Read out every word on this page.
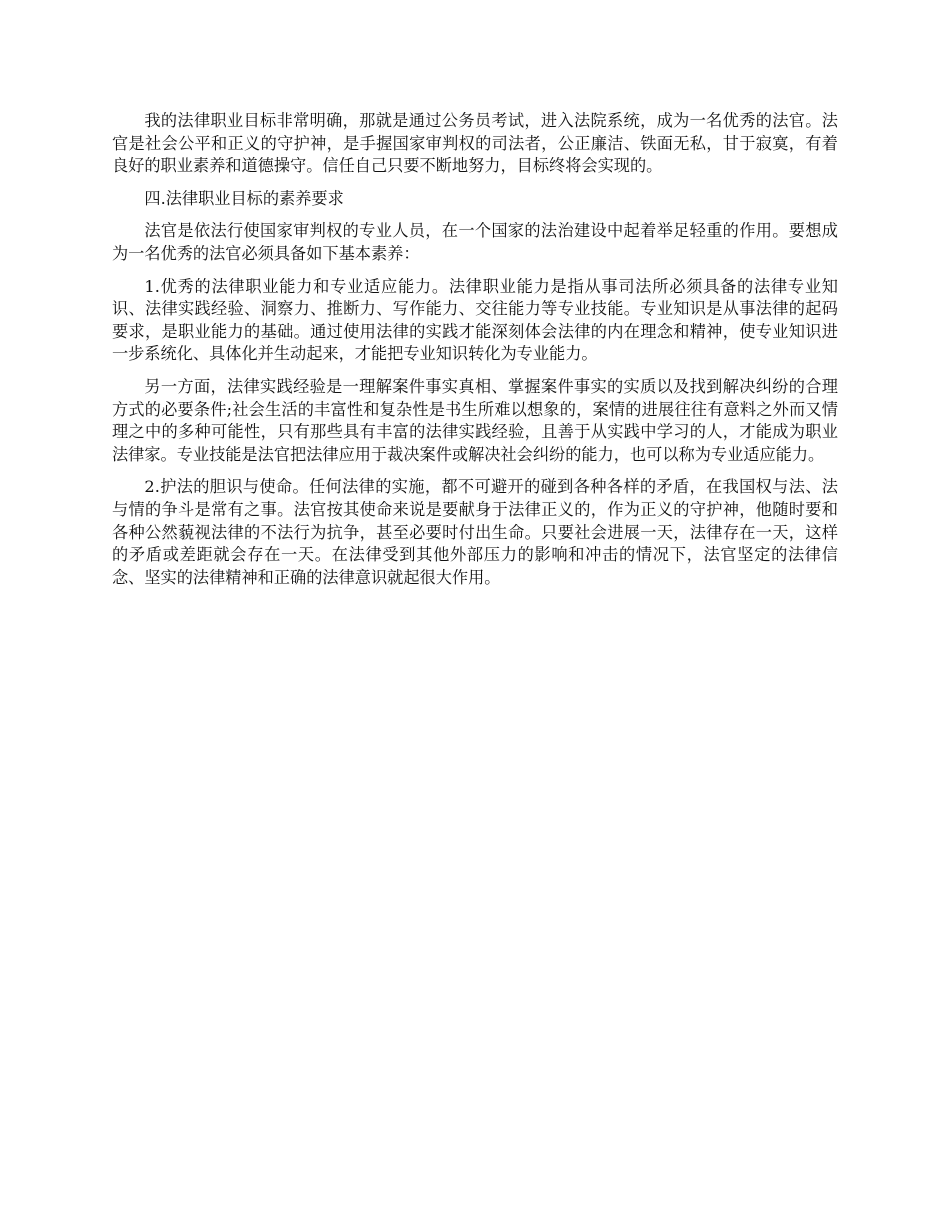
我的法律职业目标非常明确，那就是通过公务员考试，进入法院系统，成为一名优秀的法官。法官是社会公平和正义的守护神，是手握国家审判权的司法者，公正廉洁、铁面无私，甘于寂寞，有着良好的职业素养和道德操守。信任自己只要不断地努力，目标终将会实现的。

四.法律职业目标的素养要求

法官是依法行使国家审判权的专业人员，在一个国家的法治建设中起着举足轻重的作用。要想成为一名优秀的法官必须具备如下基本素养：

1.优秀的法律职业能力和专业适应能力。法律职业能力是指从事司法所必须具备的法律专业知识、法律实践经验、洞察力、推断力、写作能力、交往能力等专业技能。专业知识是从事法律的起码要求，是职业能力的基础。通过使用法律的实践才能深刻体会法律的内在理念和精神，使专业知识进一步系统化、具体化并生动起来，才能把专业知识转化为专业能力。

另一方面，法律实践经验是一理解案件事实真相、掌握案件事实的实质以及找到解决纠纷的合理方式的必要条件;社会生活的丰富性和复杂性是书生所难以想象的，案情的进展往往有意料之外而又情理之中的多种可能性，只有那些具有丰富的法律实践经验，且善于从实践中学习的人，才能成为职业法律家。专业技能是法官把法律应用于裁决案件或解决社会纠纷的能力，也可以称为专业适应能力。

2.护法的胆识与使命。任何法律的实施，都不可避开的碰到各种各样的矛盾，在我国权与法、法与情的争斗是常有之事。法官按其使命来说是要献身于法律正义的，作为正义的守护神，他随时要和各种公然藐视法律的不法行为抗争，甚至必要时付出生命。只要社会进展一天，法律存在一天，这样的矛盾或差距就会存在一天。在法律受到其他外部压力的影响和冲击的情况下，法官坚定的法律信念、坚实的法律精神和正确的法律意识就起很大作用。
